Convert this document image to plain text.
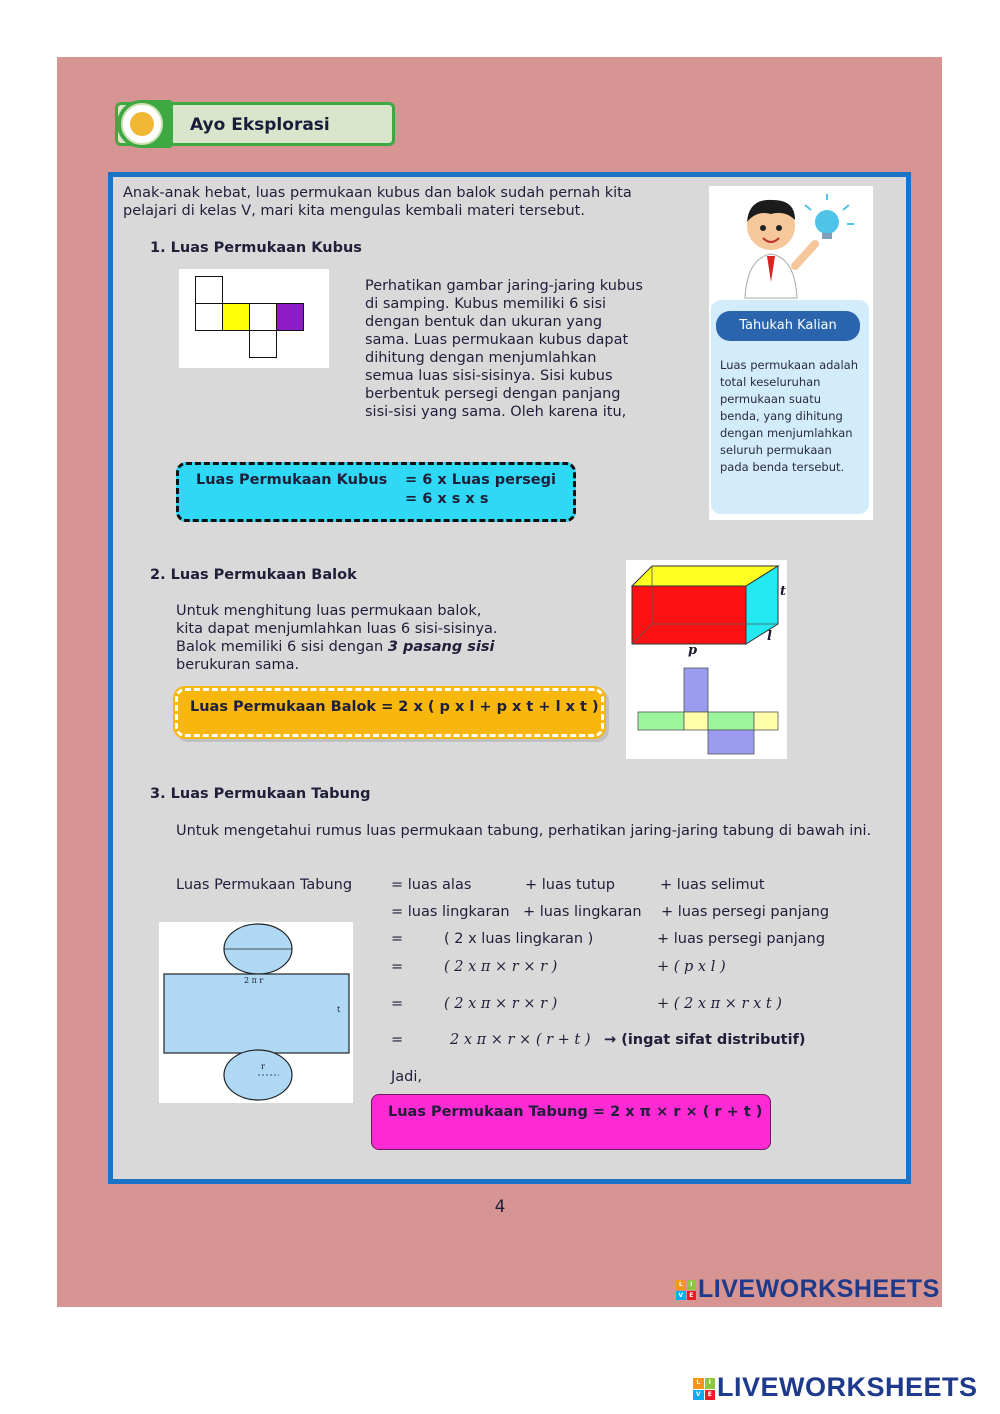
Ayo Eksplorasi
Anak-anak hebat, luas permukaan kubus dan balok sudah pernah kita pelajari di kelas V, mari kita mengulas kembali materi tersebut.
1. Luas Permukaan Kubus
Perhatikan gambar jaring-jaring kubus di samping. Kubus memiliki 6 sisi dengan bentuk dan ukuran yang sama. Luas permukaan kubus dapat dihitung dengan menjumlahkan semua luas sisi-sisinya. Sisi kubus berbentuk persegi dengan panjang sisi-sisi yang sama. Oleh karena itu,
Luas Permukaan Kubus = 6 x Luas persegi
= 6 x s x s
Tahukah Kalian
Luas permukaan adalah total keseluruhan permukaan suatu benda, yang dihitung dengan menjumlahkan seluruh permukaan pada benda tersebut.
2. Luas Permukaan Balok
Untuk menghitung luas permukaan balok, kita dapat menjumlahkan luas 6 sisi-sisinya. Balok memiliki 6 sisi dengan 3 pasang sisi berukuran sama.
Luas Permukaan Balok = 2 x ( p x l + p x t + l x t )
t
l
p
3. Luas Permukaan Tabung
Untuk mengetahui rumus luas permukaan tabung, perhatikan jaring-jaring tabung di bawah ini.
Luas Permukaan Tabung	= luas alas	+ luas tutup	+ luas selimut
= luas lingkaran + luas lingkaran + luas persegi panjang
=	( 2 x luas lingkaran )	+ luas persegi panjang
=	( 2 x π × r × r )	+ ( p x l )
=	( 2 x π × r × r )	+ ( 2 x π × r x t )
=	2 x π × r × ( r + t ) → (ingat sifat distributif)
Jadi,
2 π r
t
r
Luas Permukaan Tabung = 2 x π × r × ( r + t )
4
L	I
V	E LIVEWORKSHEETS
L	I
V	E LIVEWORKSHEETS
